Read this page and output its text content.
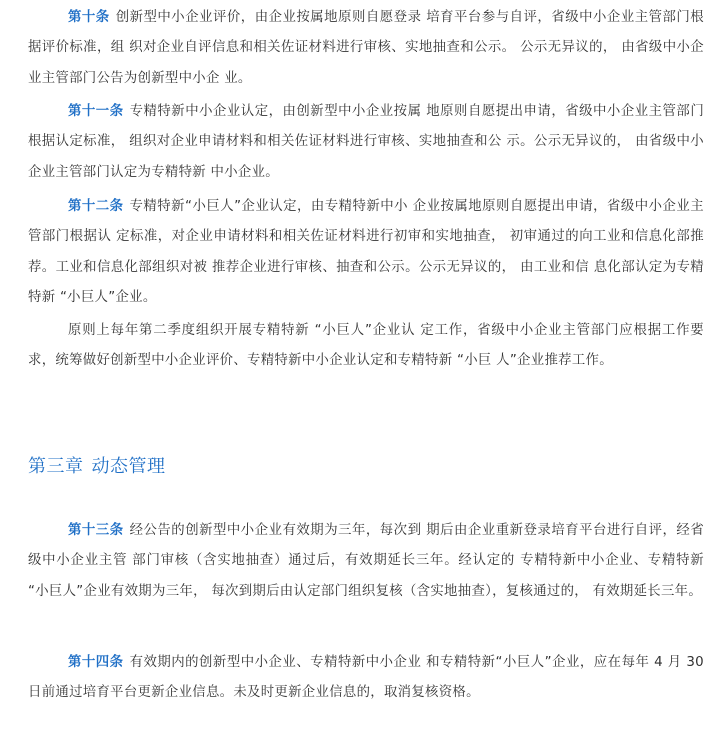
第十条 创新型中小企业评价，由企业按属地原则自愿登录 培育平台参与自评，省级中小企业主管部门根据评价标准，组 织对企业自评信息和相关佐证材料进行审核、实地抽查和公示。 公示无异议的， 由省级中小企业主管部门公告为创新型中小企 业。

第十一条 专精特新中小企业认定，由创新型中小企业按属 地原则自愿提出申请，省级中小企业主管部门根据认定标准， 组织对企业申请材料和相关佐证材料进行审核、实地抽查和公 示。公示无异议的， 由省级中小企业主管部门认定为专精特新 中小企业。

第十二条 专精特新“小巨人”企业认定，由专精特新中小 企业按属地原则自愿提出申请，省级中小企业主管部门根据认 定标准，对企业申请材料和相关佐证材料进行初审和实地抽查， 初审通过的向工业和信息化部推荐。工业和信息化部组织对被 推荐企业进行审核、抽查和公示。公示无异议的， 由工业和信 息化部认定为专精特新 “小巨人”企业。

原则上每年第二季度组织开展专精特新 “小巨人”企业认 定工作，省级中小企业主管部门应根据工作要求，统筹做好创新型中小企业评价、专精特新中小企业认定和专精特新 “小巨 人”企业推荐工作。

第三章 动态管理

第十三条 经公告的创新型中小企业有效期为三年，每次到 期后由企业重新登录培育平台进行自评，经省级中小企业主管 部门审核（含实地抽查）通过后，有效期延长三年。经认定的 专精特新中小企业、专精特新 “小巨人”企业有效期为三年， 每次到期后由认定部门组织复核（含实地抽查），复核通过的， 有效期延长三年。

第十四条 有效期内的创新型中小企业、专精特新中小企业 和专精特新“小巨人”企业，应在每年 4 月 30 日前通过培育平台更新企业信息。未及时更新企业信息的，取消复核资格。
